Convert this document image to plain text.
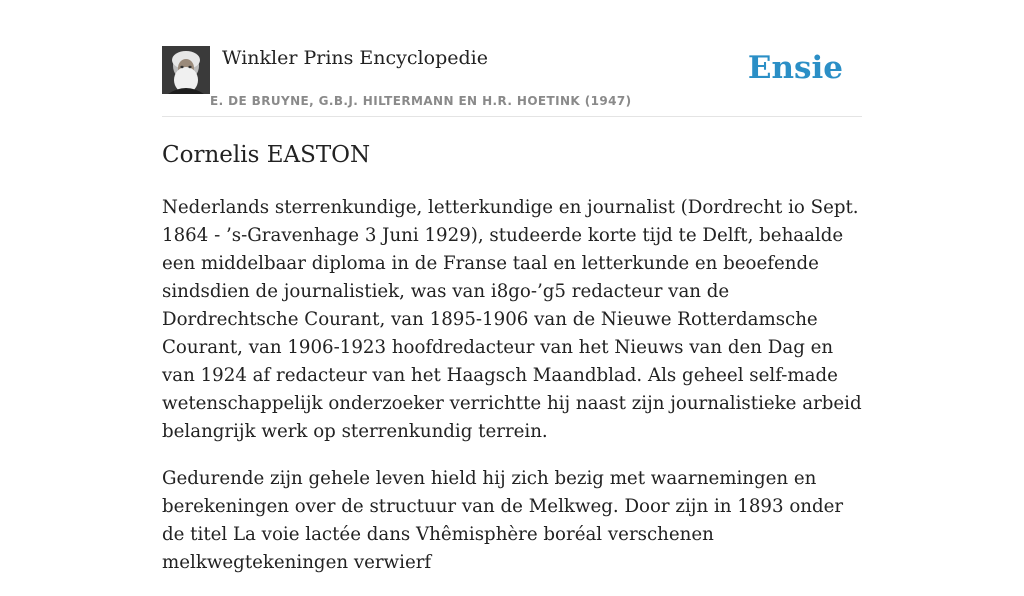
Winkler Prins Encyclopedie
E. DE BRUYNE, G.B.J. HILTERMANN EN H.R. HOETINK (1947)
Ensie
Cornelis EASTON

Nederlands sterrenkundige, letterkundige en journalist (Dordrecht io Sept. 1864 - ’s-Gravenhage 3 Juni 1929), studeerde korte tijd te Delft, behaalde een middelbaar diploma in de Franse taal en letterkunde en beoefende sindsdien de journalistiek, was van i8go-’g5 redacteur van de Dordrechtsche Courant, van 1895-1906 van de Nieuwe Rotterdamsche Courant, van 1906-1923 hoofdredacteur van het Nieuws van den Dag en van 1924 af redacteur van het Haagsch Maandblad. Als geheel self-made wetenschappelijk onderzoeker verrichtte hij naast zijn journalistieke arbeid belangrijk werk op sterrenkundig terrein.

Gedurende zijn gehele leven hield hij zich bezig met waarnemingen en berekeningen over de structuur van de Melkweg. Door zijn in 1893 onder de titel La voie lactée dans Vhêmisphère boréal verschenen melkwegtekeningen verwierf
